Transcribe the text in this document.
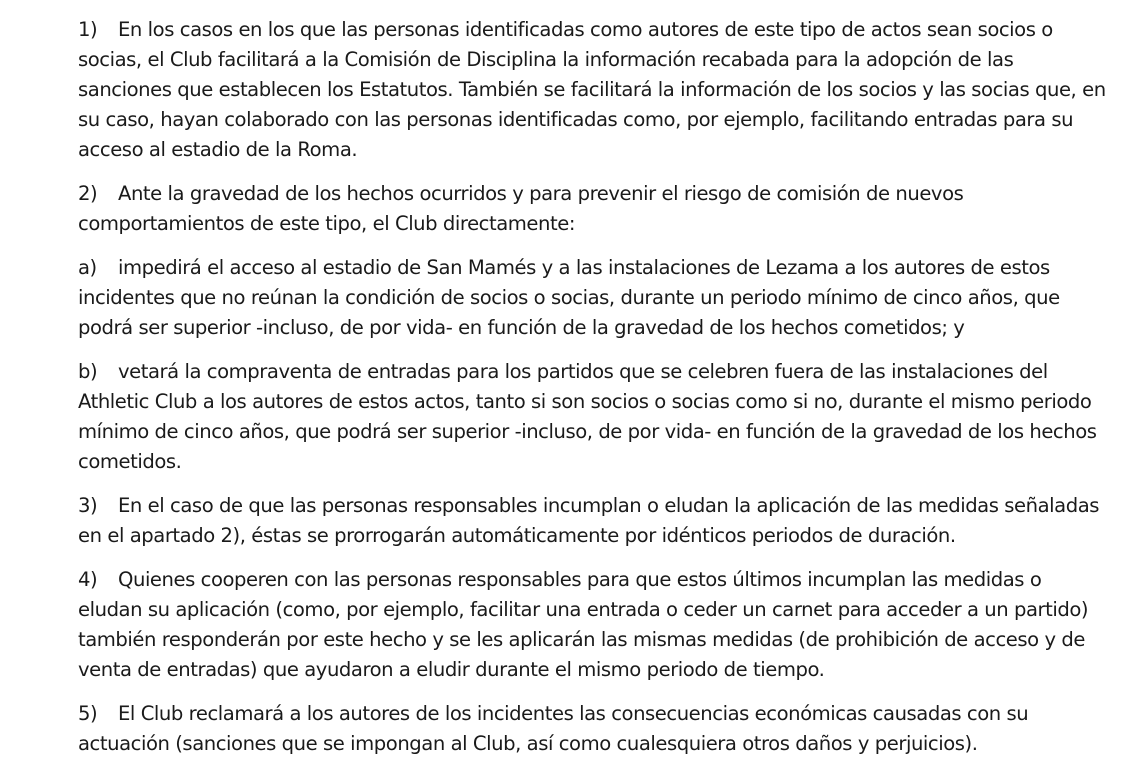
1) En los casos en los que las personas identificadas como autores de este tipo de actos sean socios o socias, el Club facilitará a la Comisión de Disciplina la información recabada para la adopción de las sanciones que establecen los Estatutos. También se facilitará la información de los socios y las socias que, en su caso, hayan colaborado con las personas identificadas como, por ejemplo, facilitando entradas para su acceso al estadio de la Roma.

2) Ante la gravedad de los hechos ocurridos y para prevenir el riesgo de comisión de nuevos comportamientos de este tipo, el Club directamente:

a) impedirá el acceso al estadio de San Mamés y a las instalaciones de Lezama a los autores de estos incidentes que no reúnan la condición de socios o socias, durante un periodo mínimo de cinco años, que podrá ser superior -incluso, de por vida- en función de la gravedad de los hechos cometidos; y

b) vetará la compraventa de entradas para los partidos que se celebren fuera de las instalaciones del Athletic Club a los autores de estos actos, tanto si son socios o socias como si no, durante el mismo periodo mínimo de cinco años, que podrá ser superior -incluso, de por vida- en función de la gravedad de los hechos cometidos.

3) En el caso de que las personas responsables incumplan o eludan la aplicación de las medidas señaladas en el apartado 2), éstas se prorrogarán automáticamente por idénticos periodos de duración.

4) Quienes cooperen con las personas responsables para que estos últimos incumplan las medidas o eludan su aplicación (como, por ejemplo, facilitar una entrada o ceder un carnet para acceder a un partido) también responderán por este hecho y se les aplicarán las mismas medidas (de prohibición de acceso y de venta de entradas) que ayudaron a eludir durante el mismo periodo de tiempo.

5) El Club reclamará a los autores de los incidentes las consecuencias económicas causadas con su actuación (sanciones que se impongan al Club, así como cualesquiera otros daños y perjuicios).
